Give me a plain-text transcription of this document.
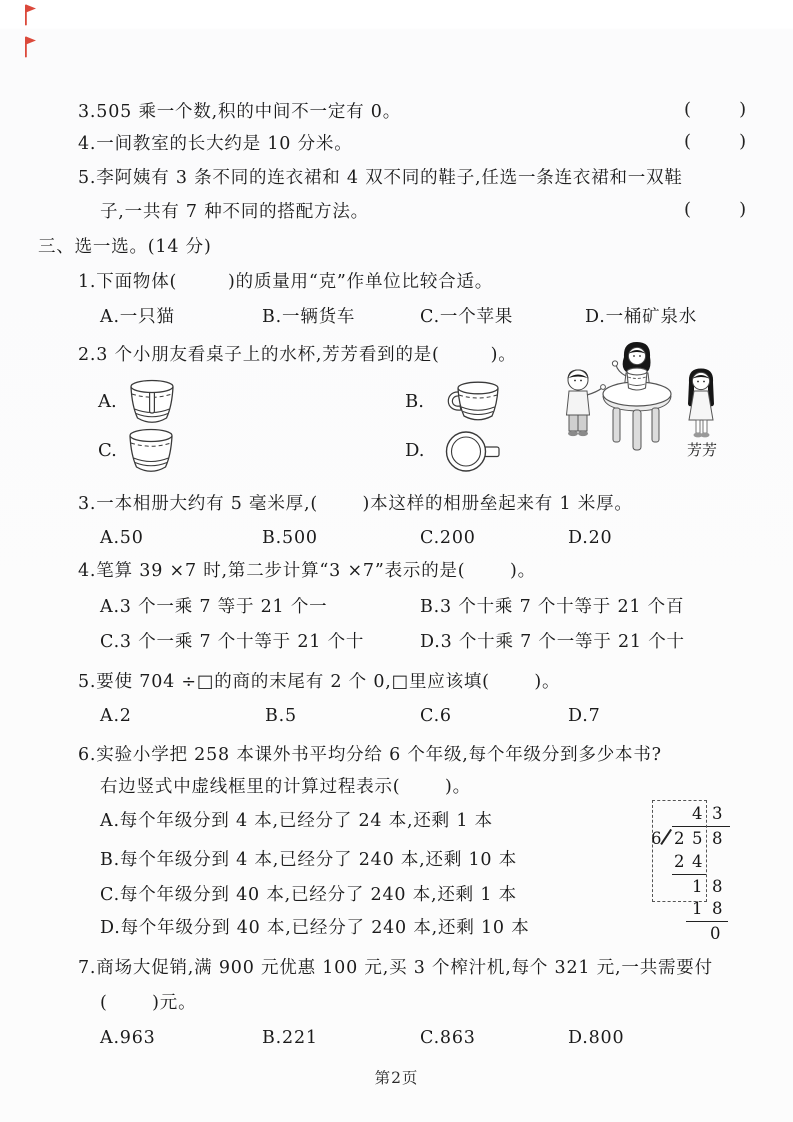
3.505 乘一个数,积的中间不一定有 0。	(       )
4.一间教室的长大约是 10 分米。	(       )
5.李阿姨有 3 条不同的连衣裙和 4 双不同的鞋子,任选一条连衣裙和一双鞋
子,一共有 7 种不同的搭配方法。	(       )
三、选一选。(14 分)
1.下面物体(        )的质量用“克”作单位比较合适。
A.一只猫	B.一辆货车	C.一个苹果	D.一桶矿泉水
2.3 个小朋友看桌子上的水杯,芳芳看到的是(        )。
A.	B.
C.	D.	芳芳
3.一本相册大约有 5 毫米厚,(       )本这样的相册垒起来有 1 米厚。
A.50	B.500	C.200	D.20
4.笔算 39 ×7 时,第二步计算“3 ×7”表示的是(       )。
A.3 个一乘 7 等于 21 个一	B.3 个十乘 7 个十等于 21 个百
C.3 个一乘 7 个十等于 21 个十	D.3 个十乘 7 个一等于 21 个十
5.要使 704 ÷□的商的末尾有 2 个 0,□里应该填(       )。
A.2	B.5	C.6	D.7
6.实验小学把 258 本课外书平均分给 6 个年级,每个年级分到多少本书?
右边竖式中虚线框里的计算过程表示(       )。
A.每个年级分到 4 本,已经分了 24 本,还剩 1 本
B.每个年级分到 4 本,已经分了 240 本,还剩 10 本
C.每个年级分到 40 本,已经分了 240 本,还剩 1 本
D.每个年级分到 40 本,已经分了 240 本,还剩 10 本
4 3
6 2 5 8
2 4
1 8
1 8
0
7.商场大促销,满 900 元优惠 100 元,买 3 个榨汁机,每个 321 元,一共需要付
(       )元。
A.963	B.221	C.863	D.800
第2页
